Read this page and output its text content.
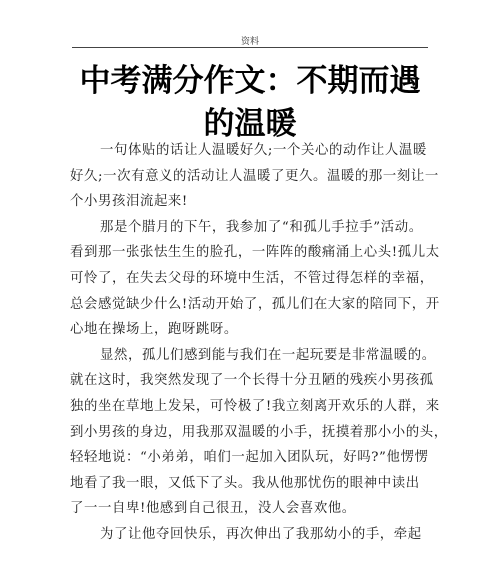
资料
中考满分作文：不期而遇
的温暖

一句体贴的话让人温暖好久;一个关心的动作让人温暖
好久;一次有意义的活动让人温暖了更久。温暖的那一刻让一
个小男孩泪流起来!

那是个腊月的下午，我参加了“和孤儿手拉手”活动。
看到那一张张怯生生的脸孔，一阵阵的酸痛涌上心头!孤儿太
可怜了，在失去父母的环境中生活，不管过得怎样的幸福，
总会感觉缺少什么!活动开始了，孤儿们在大家的陪同下，开
心地在操场上，跑呀跳呀。

显然，孤儿们感到能与我们在一起玩要是非常温暖的。
就在这时，我突然发现了一个长得十分丑陋的残疾小男孩孤
独的坐在草地上发呆，可怜极了!我立刻离开欢乐的人群，来
到小男孩的身边，用我那双温暖的小手，抚摸着那小小的头，
轻轻地说：“小弟弟，咱们一起加入团队玩，好吗?”他愣愣
地看了我一眼，又低下了头。我从他那忧伤的眼神中读出
了一一自卑!他感到自己很丑，没人会喜欢他。

为了让他夺回快乐，再次伸出了我那幼小的手，牵起
